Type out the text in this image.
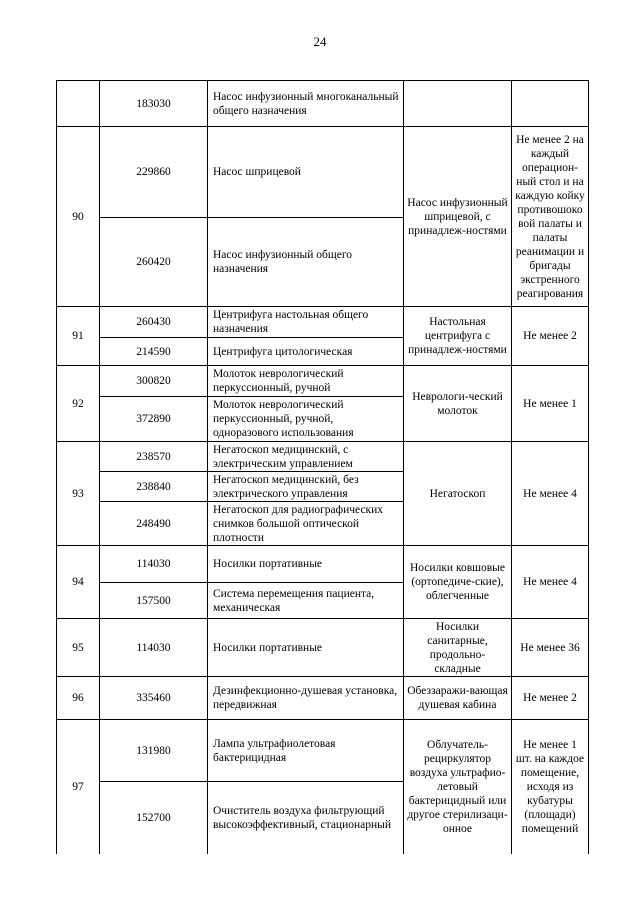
24
	183030	Насос инфузионный многоканальный общего назначения		
90	229860	Насос шприцевой	Насос инфузионный шприцевой, с принадлеж-ностями	Не менее 2 на каждый операцион-ный стол и на каждую койку противошоко вой палаты и палаты реанимации и бригады экстренного реагирования
	260420	Насос инфузионный общего назначения		
91	260430	Центрифуга настольная общего назначения	Настольная центрифуга с принадлеж-ностями	Не менее 2
	214590	Центрифуга цитологическая		
92	300820	Молоток неврологический перкуссионный, ручной	Неврологи-ческий молоток	Не менее 1
	372890	Молоток неврологический перкуссионный, ручной, одноразового использования		
93	238570	Негатоскоп медицинский, с электрическим управлением	Негатоскоп	Не менее 4
	238840	Негатоскоп медицинский, без электрического управления		
	248490	Негатоскоп для радиографических снимков большой оптической плотности		
94	114030	Носилки портативные	Носилки ковшовые (ортопедиче-ские), облегченные	Не менее 4
	157500	Система перемещения пациента, механическая		
95	114030	Носилки портативные	Носилки санитарные, продольно-складные	Не менее 36
96	335460	Дезинфекционно-душевая установка, передвижная	Обеззаражи-вающая душевая кабина	Не менее 2
97	131980	Лампа ультрафиолетовая бактерицидная	Облучатель-рециркулятор воздуха ультрафио-летовый бактерицидный или другое стерилизаци-онное	Не менее 1 шт. на каждое помещение, исходя из кубатуры (площади) помещений
	152700	Очиститель воздуха фильтрующий высокоэффективный, стационарный		
